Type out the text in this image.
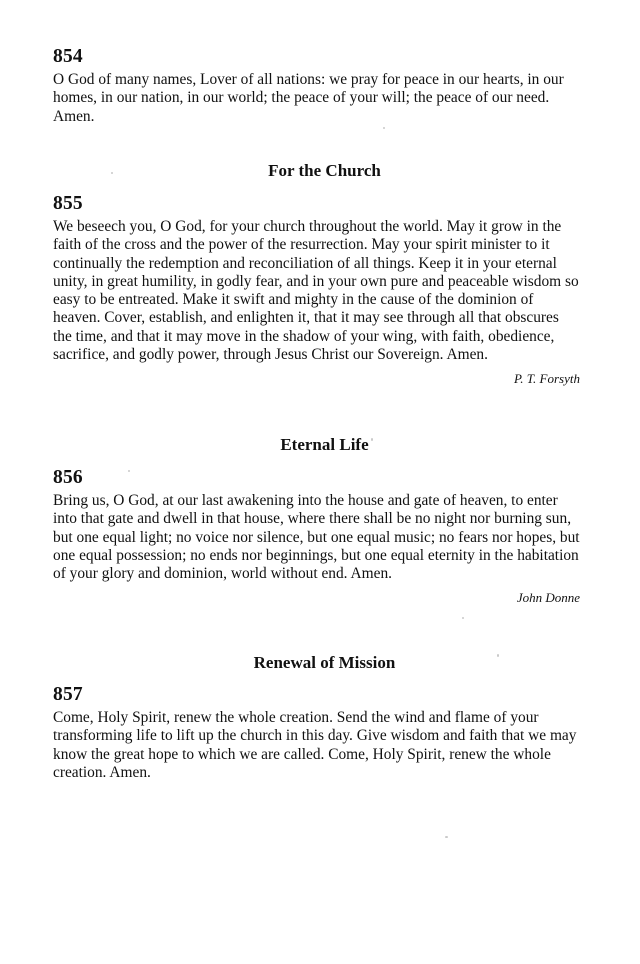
854

O God of many names, Lover of all nations: we pray for peace in our hearts, in our homes, in our nation, in our world; the peace of your will; the peace of our need. Amen.

For the Church
855

We beseech you, O God, for your church throughout the world. May it grow in the faith of the cross and the power of the resurrection. May your spirit minister to it continually the redemption and reconciliation of all things. Keep it in your eternal unity, in great humility, in godly fear, and in your own pure and peaceable wisdom so easy to be entreated. Make it swift and mighty in the cause of the dominion of heaven. Cover, establish, and enlighten it, that it may see through all that obscures the time, and that it may move in the shadow of your wing, with faith, obedience, sacrifice, and godly power, through Jesus Christ our Sovereign. Amen.

P. T. Forsyth

Eternal Life
856

Bring us, O God, at our last awakening into the house and gate of heaven, to enter into that gate and dwell in that house, where there shall be no night nor burning sun, but one equal light; no voice nor silence, but one equal music; no fears nor hopes, but one equal possession; no ends nor beginnings, but one equal eternity in the habitation of your glory and dominion, world without end. Amen.

John Donne

Renewal of Mission
857

Come, Holy Spirit, renew the whole creation. Send the wind and flame of your transforming life to lift up the church in this day. Give wisdom and faith that we may know the great hope to which we are called. Come, Holy Spirit, renew the whole creation. Amen.
